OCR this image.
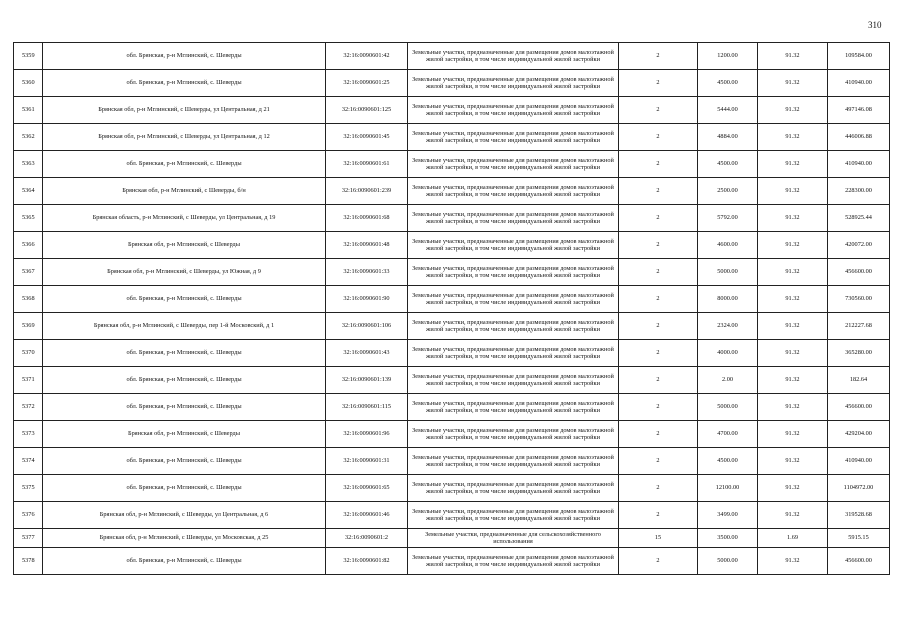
310
5359	обл. Брянская, р-н Мглинский, с. Шеверды	32:16:0090601:42	Земельные участки, предназначенные для размещения домов малоэтажной жилой застройки, в том числе индивидуальной жилой застройки	2	1200.00	91.32	109584.00
5360	обл. Брянская, р-н Мглинский, с. Шеверды	32:16:0090601:25	Земельные участки, предназначенные для размещения домов малоэтажной жилой застройки, в том числе индивидуальной жилой застройки	2	4500.00	91.32	410940.00
5361	Брянская обл, р-н Мглинский, с Шеверды, ул Центральная, д 21	32:16:0090601:125	Земельные участки, предназначенные для размещения домов малоэтажной жилой застройки, в том числе индивидуальной жилой застройки	2	5444.00	91.32	497146.08
5362	Брянская обл, р-н Мглинский, с Шеверды, ул Центральная, д 12	32:16:0090601:45	Земельные участки, предназначенные для размещения домов малоэтажной жилой застройки, в том числе индивидуальной жилой застройки	2	4884.00	91.32	446006.88
5363	обл. Брянская, р-н Мглинский, с. Шеверды	32:16:0090601:61	Земельные участки, предназначенные для размещения домов малоэтажной жилой застройки, в том числе индивидуальной жилой застройки	2	4500.00	91.32	410940.00
5364	Брянская обл, р-н Мглинский, с Шеверды, б/н	32:16:0090601:239	Земельные участки, предназначенные для размещения домов малоэтажной жилой застройки, в том числе индивидуальной жилой застройки	2	2500.00	91.32	228300.00
5365	Брянская область, р-н Мглинский, с Шеверды, ул Центральная, д 19	32:16:0090601:68	Земельные участки, предназначенные для размещения домов малоэтажной жилой застройки, в том числе индивидуальной жилой застройки	2	5792.00	91.32	528925.44
5366	Брянская обл, р-н Мглинский, с Шеверды	32:16:0090601:48	Земельные участки, предназначенные для размещения домов малоэтажной жилой застройки, в том числе индивидуальной жилой застройки	2	4600.00	91.32	420072.00
5367	Брянская обл, р-н Мглинский, с Шеверды, ул Южная, д 9	32:16:0090601:33	Земельные участки, предназначенные для размещения домов малоэтажной жилой застройки, в том числе индивидуальной жилой застройки	2	5000.00	91.32	456600.00
5368	обл. Брянская, р-н Мглинский, с. Шеверды	32:16:0090601:90	Земельные участки, предназначенные для размещения домов малоэтажной жилой застройки, в том числе индивидуальной жилой застройки	2	8000.00	91.32	730560.00
5369	Брянская обл, р-н Мглинский, с Шеверды, пер 1-й Московский, д 1	32:16:0090601:106	Земельные участки, предназначенные для размещения домов малоэтажной жилой застройки, в том числе индивидуальной жилой застройки	2	2324.00	91.32	212227.68
5370	обл. Брянская, р-н Мглинский, с. Шеверды	32:16:0090601:43	Земельные участки, предназначенные для размещения домов малоэтажной жилой застройки, в том числе индивидуальной жилой застройки	2	4000.00	91.32	365280.00
5371	обл. Брянская, р-н Мглинский, с. Шеверды	32:16:0090601:139	Земельные участки, предназначенные для размещения домов малоэтажной жилой застройки, в том числе индивидуальной жилой застройки	2	2.00	91.32	182.64
5372	обл. Брянская, р-н Мглинский, с. Шеверды	32:16:0090601:115	Земельные участки, предназначенные для размещения домов малоэтажной жилой застройки, в том числе индивидуальной жилой застройки	2	5000.00	91.32	456600.00
5373	Брянская обл, р-н Мглинский, с Шеверды	32:16:0090601:96	Земельные участки, предназначенные для размещения домов малоэтажной жилой застройки, в том числе индивидуальной жилой застройки	2	4700.00	91.32	429204.00
5374	обл. Брянская, р-н Мглинский, с. Шеверды	32:16:0090601:31	Земельные участки, предназначенные для размещения домов малоэтажной жилой застройки, в том числе индивидуальной жилой застройки	2	4500.00	91.32	410940.00
5375	обл. Брянская, р-н Мглинский, с. Шеверды	32:16:0090601:65	Земельные участки, предназначенные для размещения домов малоэтажной жилой застройки, в том числе индивидуальной жилой застройки	2	12100.00	91.32	1104972.00
5376	Брянская обл, р-н Мглинский, с Шеверды, ул Центральная, д 6	32:16:0090601:46	Земельные участки, предназначенные для размещения домов малоэтажной жилой застройки, в том числе индивидуальной жилой застройки	2	3499.00	91.32	319528.68
5377	Брянская обл, р-н Мглинский, с Шеверды, ул Московская, д 25	32:16:0090601:2	Земельные участки, предназначенные для сельскохозяйственного использования	15	3500.00	1.69	5915.15
5378	обл. Брянская, р-н Мглинский, с. Шеверды	32:16:0090601:82	Земельные участки, предназначенные для размещения домов малоэтажной жилой застройки, в том числе индивидуальной жилой застройки	2	5000.00	91.32	456600.00
